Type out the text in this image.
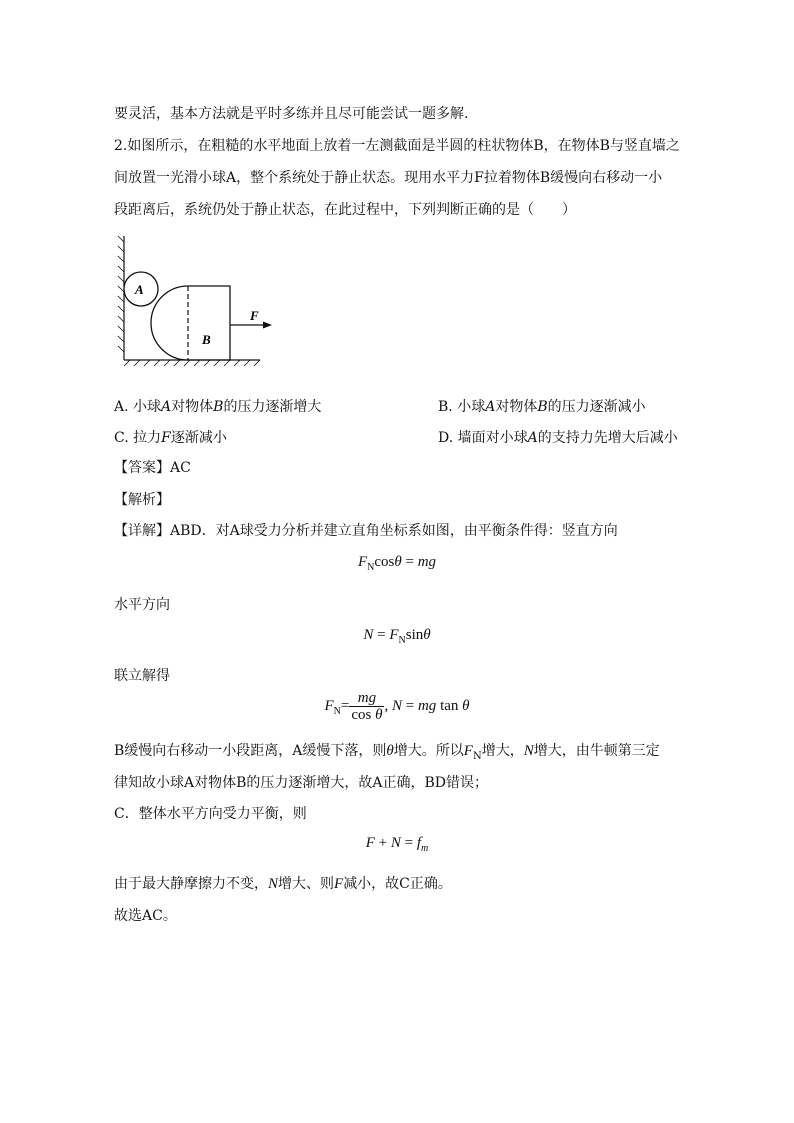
要灵活，基本方法就是平时多练并且尽可能尝试一题多解.
2.如图所示，在粗糙的水平地面上放着一左测截面是半圆的柱状物体B，在物体B与竖直墙之
间放置一光滑小球A，整个系统处于静止状态。现用水平力F拉着物体B缓慢向右移动一小
段距离后，系统仍处于静止状态，在此过程中，下列判断正确的是（　　）
A
B
F
A. 小球A对物体B的压力逐渐增大	B. 小球A对物体B的压力逐渐减小
C. 拉力F逐渐减小	D. 墙面对小球A的支持力先增大后减小
【答案】AC
【解析】
【详解】ABD．对A球受力分析并建立直角坐标系如图，由平衡条件得：竖直方向
$F_N\cos\theta$ = mg
水平方向
$N = F_N\sin\theta$
联立解得
$F_N= \frac{mg}{\text{cos θ}}$ , N = mg tan θ
B缓慢向右移动一小段距离，A缓慢下落，则θ增大。所以$F_N$增大，N增大，由牛顿第三定
律知故小球A对物体B的压力逐渐增大，故A正确，BD错误；
C．整体水平方向受力平衡，则
$F + N = f_m$
由于最大静摩擦力不变，N增大、则F减小，故C正确。
故选AC。
